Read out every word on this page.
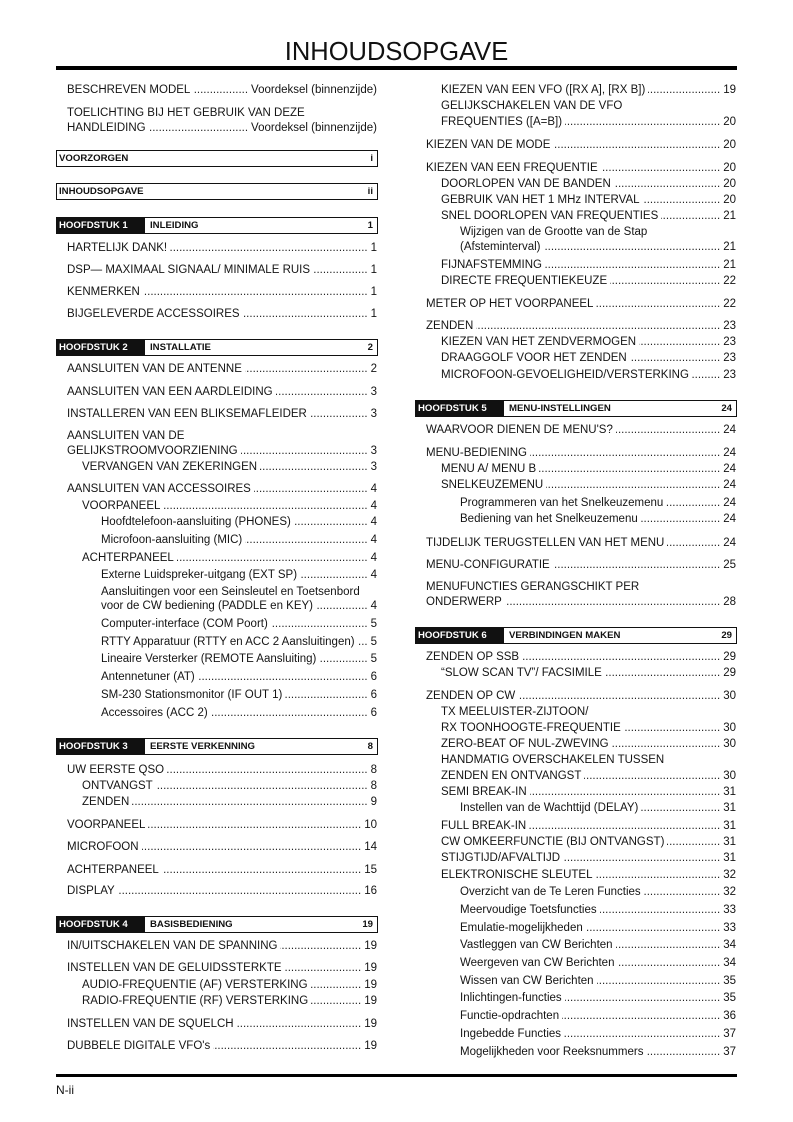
INHOUDSOPGAVE
BESCHREVEN MODEL .....	Voordeksel (binnenzijde)
TOELICHTING BIJ HET GEBRUIK VAN DEZE
HANDLEIDING .....	Voordeksel (binnenzijde)
VOORZORGEN	i
INHOUDSOPGAVE	ii
HOOFDSTUK 1	INLEIDING	1
HARTELIJK DANK! .....	1
DSP— MAXIMAAL SIGNAAL/ MINIMALE RUIS .....	1
KENMERKEN .....	1
BIJGELEVERDE ACCESSOIRES .....	1
HOOFDSTUK 2	INSTALLATIE	2
AANSLUITEN VAN DE ANTENNE .....	2
AANSLUITEN VAN EEN AARDLEIDING .....	3
INSTALLEREN VAN EEN BLIKSEMAFLEIDER .....	3
AANSLUITEN VAN DE
GELIJKSTROOMVOORZIENING .....	3
VERVANGEN VAN ZEKERINGEN .....	3
AANSLUITEN VAN ACCESSOIRES .....	4
VOORPANEEL .....	4
Hoofdtelefoon-aansluiting (PHONES) .....	4
Microfoon-aansluiting (MIC) .....	4
ACHTERPANEEL .....	4
Externe Luidspreker-uitgang (EXT SP) .....	4
Aansluitingen voor een Seinsleutel en Toetsenbord
voor de CW bediening (PADDLE en KEY) .....	4
Computer-interface (COM Poort) .....	5
RTTY Apparatuur (RTTY en ACC 2 Aansluitingen) ..... 5
Lineaire Versterker (REMOTE Aansluiting) .....	5
Antennetuner (AT) .....	6
SM-230 Stationsmonitor (IF OUT 1) .....	6
Accessoires (ACC 2) .....	6
HOOFDSTUK 3	EERSTE VERKENNING	8
UW EERSTE QSO .....	8
ONTVANGST .....	8
ZENDEN .....	9
VOORPANEEL .....	10
MICROFOON .....	14
ACHTERPANEEL .....	15
DISPLAY .....	16
HOOFDSTUK 4	BASISBEDIENING	19
IN/UITSCHAKELEN VAN DE SPANNING .....	19
INSTELLEN VAN DE GELUIDSSTERKTE .....	19
AUDIO-FREQUENTIE (AF) VERSTERKING .....	19
RADIO-FREQUENTIE (RF) VERSTERKING .....	19
INSTELLEN VAN DE SQUELCH .....	19
DUBBELE DIGITALE VFO's .....	19
KIEZEN VAN EEN VFO ([RX A], [RX B]) .....	19
GELIJKSCHAKELEN VAN DE VFO
FREQUENTIES ([A=B]) .....	20
KIEZEN VAN DE MODE .....	20
KIEZEN VAN EEN FREQUENTIE .....	20
DOORLOPEN VAN DE BANDEN .....	20
GEBRUIK VAN HET 1 MHz INTERVAL .....	20
SNEL DOORLOPEN VAN FREQUENTIES .....	21
Wijzigen van de Grootte van de Stap
(Afsteminterval) .....	21
FIJNAFSTEMMING .....	21
DIRECTE FREQUENTIEKEUZE .....	22
METER OP HET VOORPANEEL .....	22
ZENDEN .....	23
KIEZEN VAN HET ZENDVERMOGEN .....	23
DRAAGGOLF VOOR HET ZENDEN .....	23
MICROFOON-GEVOELIGHEID/VERSTERKING .....	23
HOOFDSTUK 5	MENU-INSTELLINGEN	24
WAARVOOR DIENEN DE MENU'S? .....	24
MENU-BEDIENING .....	24
MENU A/ MENU B .....	24
SNELKEUZEMENU .....	24
Programmeren van het Snelkeuzemenu .....	24
Bediening van het Snelkeuzemenu .....	24
TIJDELIJK TERUGSTELLEN VAN HET MENU .....	24
MENU-CONFIGURATIE .....	25
MENUFUNCTIES GERANGSCHIKT PER
ONDERWERP .....	28
HOOFDSTUK 6	VERBINDINGEN MAKEN	29
ZENDEN OP SSB .....	29
“SLOW SCAN TV”/ FACSIMILE .....	29
ZENDEN OP CW .....	30
TX MEELUISTER-ZIJTOON/
RX TOONHOOGTE-FREQUENTIE .....	30
ZERO-BEAT OF NUL-ZWEVING .....	30
HANDMATIG OVERSCHAKELEN TUSSEN
ZENDEN EN ONTVANGST .....	30
SEMI BREAK-IN .....	31
Instellen van de Wachttijd (DELAY) .....	31
FULL BREAK-IN .....	31
CW OMKEERFUNCTIE (BIJ ONTVANGST) .....	31
STIJGTIJD/AFVALTIJD .....	31
ELEKTRONISCHE SLEUTEL .....	32
Overzicht van de Te Leren Functies .....	32
Meervoudige Toetsfuncties .....	33
Emulatie-mogelijkheden .....	33
Vastleggen van CW Berichten .....	34
Weergeven van CW Berichten .....	34
Wissen van CW Berichten .....	35
Inlichtingen-functies .....	35
Functie-opdrachten .....	36
Ingebedde Functies .....	37
Mogelijkheden voor Reeksnummers .....	37
N-ii
